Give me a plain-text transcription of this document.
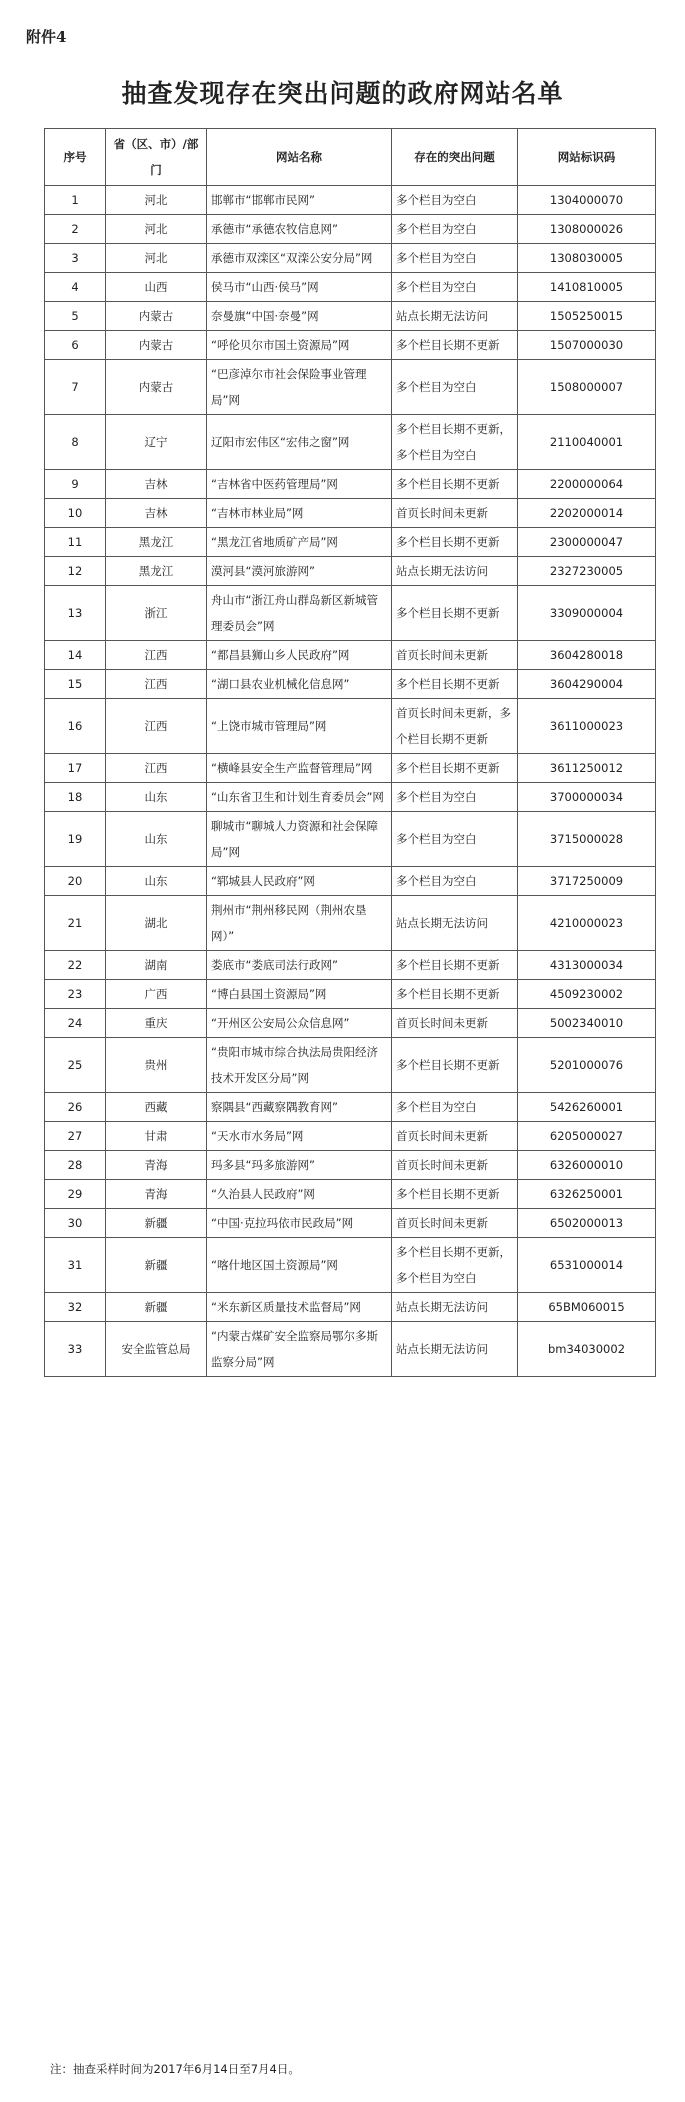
附件4
抽查发现存在突出问题的政府网站名单
序号	省（区、市）/部门	网站名称	存在的突出问题	网站标识码
1	河北	邯郸市“邯郸市民网”	多个栏目为空白	1304000070
2	河北	承德市“承德农牧信息网”	多个栏目为空白	1308000026
3	河北	承德市双滦区“双滦公安分局”网	多个栏目为空白	1308030005
4	山西	侯马市“山西·侯马”网	多个栏目为空白	1410810005
5	内蒙古	奈曼旗“中国·奈曼”网	站点长期无法访问	1505250015
6	内蒙古	“呼伦贝尔市国土资源局”网	多个栏目长期不更新	1507000030
7	内蒙古	“巴彦淖尔市社会保险事业管理局”网	多个栏目为空白	1508000007
8	辽宁	辽阳市宏伟区“宏伟之窗”网	多个栏目长期不更新，多个栏目为空白	2110040001
9	吉林	“吉林省中医药管理局”网	多个栏目长期不更新	2200000064
10	吉林	“吉林市林业局”网	首页长时间未更新	2202000014
11	黑龙江	“黑龙江省地质矿产局”网	多个栏目长期不更新	2300000047
12	黑龙江	漠河县“漠河旅游网”	站点长期无法访问	2327230005
13	浙江	舟山市“浙江舟山群岛新区新城管理委员会”网	多个栏目长期不更新	3309000004
14	江西	“都昌县狮山乡人民政府”网	首页长时间未更新	3604280018
15	江西	“湖口县农业机械化信息网”	多个栏目长期不更新	3604290004
16	江西	“上饶市城市管理局”网	首页长时间未更新，多个栏目长期不更新	3611000023
17	江西	“横峰县安全生产监督管理局”网	多个栏目长期不更新	3611250012
18	山东	“山东省卫生和计划生育委员会”网	多个栏目为空白	3700000034
19	山东	聊城市“聊城人力资源和社会保障局”网	多个栏目为空白	3715000028
20	山东	“郓城县人民政府”网	多个栏目为空白	3717250009
21	湖北	荆州市“荆州移民网（荆州农垦网）”	站点长期无法访问	4210000023
22	湖南	娄底市“娄底司法行政网”	多个栏目长期不更新	4313000034
23	广西	“博白县国土资源局”网	多个栏目长期不更新	4509230002
24	重庆	“开州区公安局公众信息网”	首页长时间未更新	5002340010
25	贵州	“贵阳市城市综合执法局贵阳经济技术开发区分局”网	多个栏目长期不更新	5201000076
26	西藏	察隅县“西藏察隅教育网”	多个栏目为空白	5426260001
27	甘肃	“天水市水务局”网	首页长时间未更新	6205000027
28	青海	玛多县“玛多旅游网”	首页长时间未更新	6326000010
29	青海	“久治县人民政府”网	多个栏目长期不更新	6326250001
30	新疆	“中国·克拉玛依市民政局”网	首页长时间未更新	6502000013
31	新疆	“喀什地区国土资源局”网	多个栏目长期不更新，多个栏目为空白	6531000014
32	新疆	“米东新区质量技术监督局”网	站点长期无法访问	65BM060015
33	安全监管总局	“内蒙古煤矿安全监察局鄂尔多斯监察分局”网	站点长期无法访问	bm34030002
注：抽查采样时间为2017年6月14日至7月4日。
